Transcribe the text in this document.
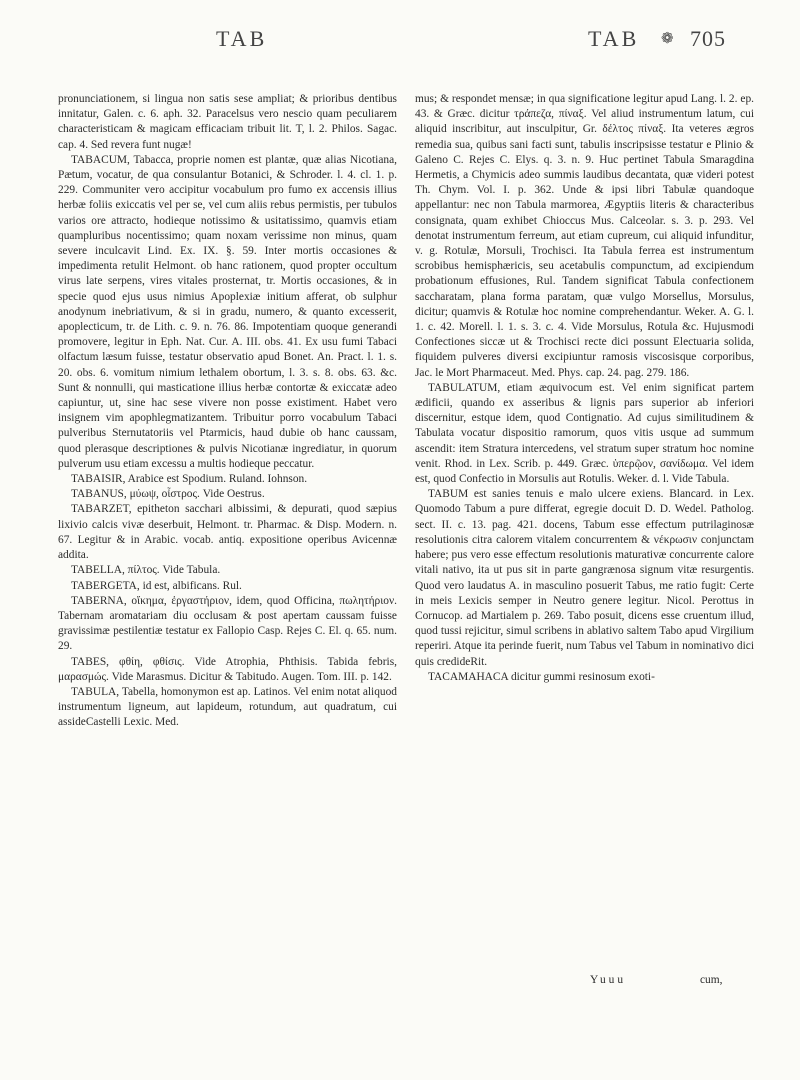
TAB	TAB ❁ 705

pronunciationem, si lingua non satis sese ampliat; & prioribus dentibus innitatur, Galen. c. 6. aph. 32. Paracelsus vero nescio quam peculiarem characteristicam & magicam efficaciam tribuit lit. T, l. 2. Philos. Sagac. cap. 4. Sed revera funt nugæ!

TABACUM, Tabacca, proprie nomen est plantæ, quæ alias Nicotiana, Pætum, vocatur, de qua consulantur Botanici, & Schroder. l. 4. cl. 1. p. 229. Communiter vero accipitur vocabulum pro fumo ex accensis illius herbæ foliis exiccatis vel per se, vel cum aliis rebus permistis, per tubulos varios ore attracto, hodieque notissimo & usitatissimo, quamvis etiam quampluribus nocentissimo; quam noxam verissime non minus, quam severe inculcavit Lind. Ex. IX. §. 59. Inter mortis occasiones & impedimenta retulit Helmont. ob hanc rationem, quod propter occultum virus late serpens, vires vitales prosternat, tr. Mortis occasiones, & in specie quod ejus usus nimius Apoplexiæ initium afferat, ob sulphur anodynum inebriativum, & si in gradu, numero, & quanto excesserit, apoplecticum, tr. de Lith. c. 9. n. 76. 86. Impotentiam quoque generandi promovere, legitur in Eph. Nat. Cur. A. III. obs. 41. Ex usu fumi Tabaci olfactum læsum fuisse, testatur observatio apud Bonet. An. Pract. l. 1. s. 20. obs. 6. vomitum nimium lethalem obortum, l. 3. s. 8. obs. 63. &c. Sunt & nonnulli, qui masticatione illius herbæ contortæ & exiccatæ adeo capiuntur, ut, sine hac sese vivere non posse existiment. Habet vero insignem vim apophlegmatizantem. Tribuitur porro vocabulum Tabaci pulveribus Sternutatoriis vel Ptarmicis, haud dubie ob hanc caussam, quod plerasque descriptiones & pulvis Nicotianæ ingrediatur, in quorum pulverum usu etiam excessu a multis hodieque peccatur.

TABAISIR, Arabice est Spodium. Ruland. Iohnson.

TABANUS, μύωψ, οἶστρος. Vide Oestrus.

TABARZET, epitheton sacchari albissimi, & depurati, quod sæpius lixivio calcis vivæ deserbuit, Helmont. tr. Pharmac. & Disp. Modern. n. 67. Legitur & in Arabic. vocab. antiq. expositione operibus Avicennæ addita.

TABELLA, πίλτος. Vide Tabula.

TABERGETA, id est, albificans. Rul.

TABERNA, οἴκημα, ἐργαστήριον, idem, quod Officina, πωλητήριον. Tabernam aromatariam diu occlusam & post apertam caussam fuisse gravissimæ pestilentiæ testatur ex Fallopio Casp. Rejes C. El. q. 65. num. 29.

TABES, φθίη, φθίσις. Vide Atrophia, Phthisis. Tabida febris, μαρασμώς. Vide Marasmus. Dicitur & Tabitudo. Augen. Tom. III. p. 142.

TABULA, Tabella, homonymon est ap. Latinos. Vel enim notat aliquod instrumentum ligneum, aut lapideum, rotundum, aut quadratum, cui assideCastelli Lexic. Med.

mus; & respondet mensæ; in qua significatione legitur apud Lang. l. 2. ep. 43. & Græc. dicitur τράπεζα, πίναξ. Vel aliud instrumentum latum, cui aliquid inscribitur, aut insculpitur, Gr. δέλτος πίναξ. Ita veteres ægros remedia sua, quibus sani facti sunt, tabulis inscripsisse testatur e Plinio & Galeno C. Rejes C. Elys. q. 3. n. 9. Huc pertinet Tabula Smaragdina Hermetis, a Chymicis adeo summis laudibus decantata, quæ videri potest Th. Chym. Vol. I. p. 362. Unde & ipsi libri Tabulæ quandoque appellantur: nec non Tabula marmorea, Ægyptiis literis & characteribus consignata, quam exhibet Chioccus Mus. Calceolar. s. 3. p. 293. Vel denotat instrumentum ferreum, aut etiam cupreum, cui aliquid infunditur, v. g. Rotulæ, Morsuli, Trochisci. Ita Tabula ferrea est instrumentum scrobibus hemisphæricis, seu acetabulis compunctum, ad excipiendum probationum effusiones, Rul. Tandem significat Tabula confectionem saccharatam, plana forma paratam, quæ vulgo Morsellus, Morsulus, dicitur; quamvis & Rotulæ hoc nomine comprehendantur. Weker. A. G. l. 1. c. 42. Morell. l. 1. s. 3. c. 4. Vide Morsulus, Rotula &c. Hujusmodi Confectiones siccæ ut & Trochisci recte dici possunt Electuaria solida, fiquidem pulveres diversi excipiuntur ramosis viscosisque corporibus, Jac. le Mort Pharmaceut. Med. Phys. cap. 24. pag. 279. 186.

TABULATUM, etiam æquivocum est. Vel enim significat partem ædificii, quando ex asseribus & lignis pars superior ab inferiori discernitur, estque idem, quod Contignatio. Ad cujus similitudinem & Tabulata vocatur dispositio ramorum, quos vitis usque ad summum ascendit: item Stratura intercedens, vel stratum super stratum hoc nomine venit. Rhod. in Lex. Scrib. p. 449. Græc. ὑπερῷον, σανίδωμα. Vel idem est, quod Confectio in Morsulis aut Rotulis. Weker. d. l. Vide Tabula.

TABUM est sanies tenuis e malo ulcere exiens. Blancard. in Lex. Quomodo Tabum a pure differat, egregie docuit D. D. Wedel. Patholog. sect. II. c. 13. pag. 421. docens, Tabum esse effectum putrilaginosæ resolutionis citra calorem vitalem concurrentem & νέκρωσιν conjunctam habere; pus vero esse effectum resolutionis maturativæ concurrente calore vitali nativo, ita ut pus sit in parte gangrænosa signum vitæ resurgentis. Quod vero laudatus A. in masculino posuerit Tabus, me ratio fugit: Certe in meis Lexicis semper in Neutro genere legitur. Nicol. Perottus in Cornucop. ad Martialem p. 269. Tabo posuit, dicens esse cruentum illud, quod tussi rejicitur, simul scribens in ablativo saltem Tabo apud Virgilium reperiri. Atque ita perinde fuerit, num Tabus vel Tabum in nominativo dici quis credideRit.

TACAMAHACA dicitur gummi resinosum exoti-

Yuuu	cum,
